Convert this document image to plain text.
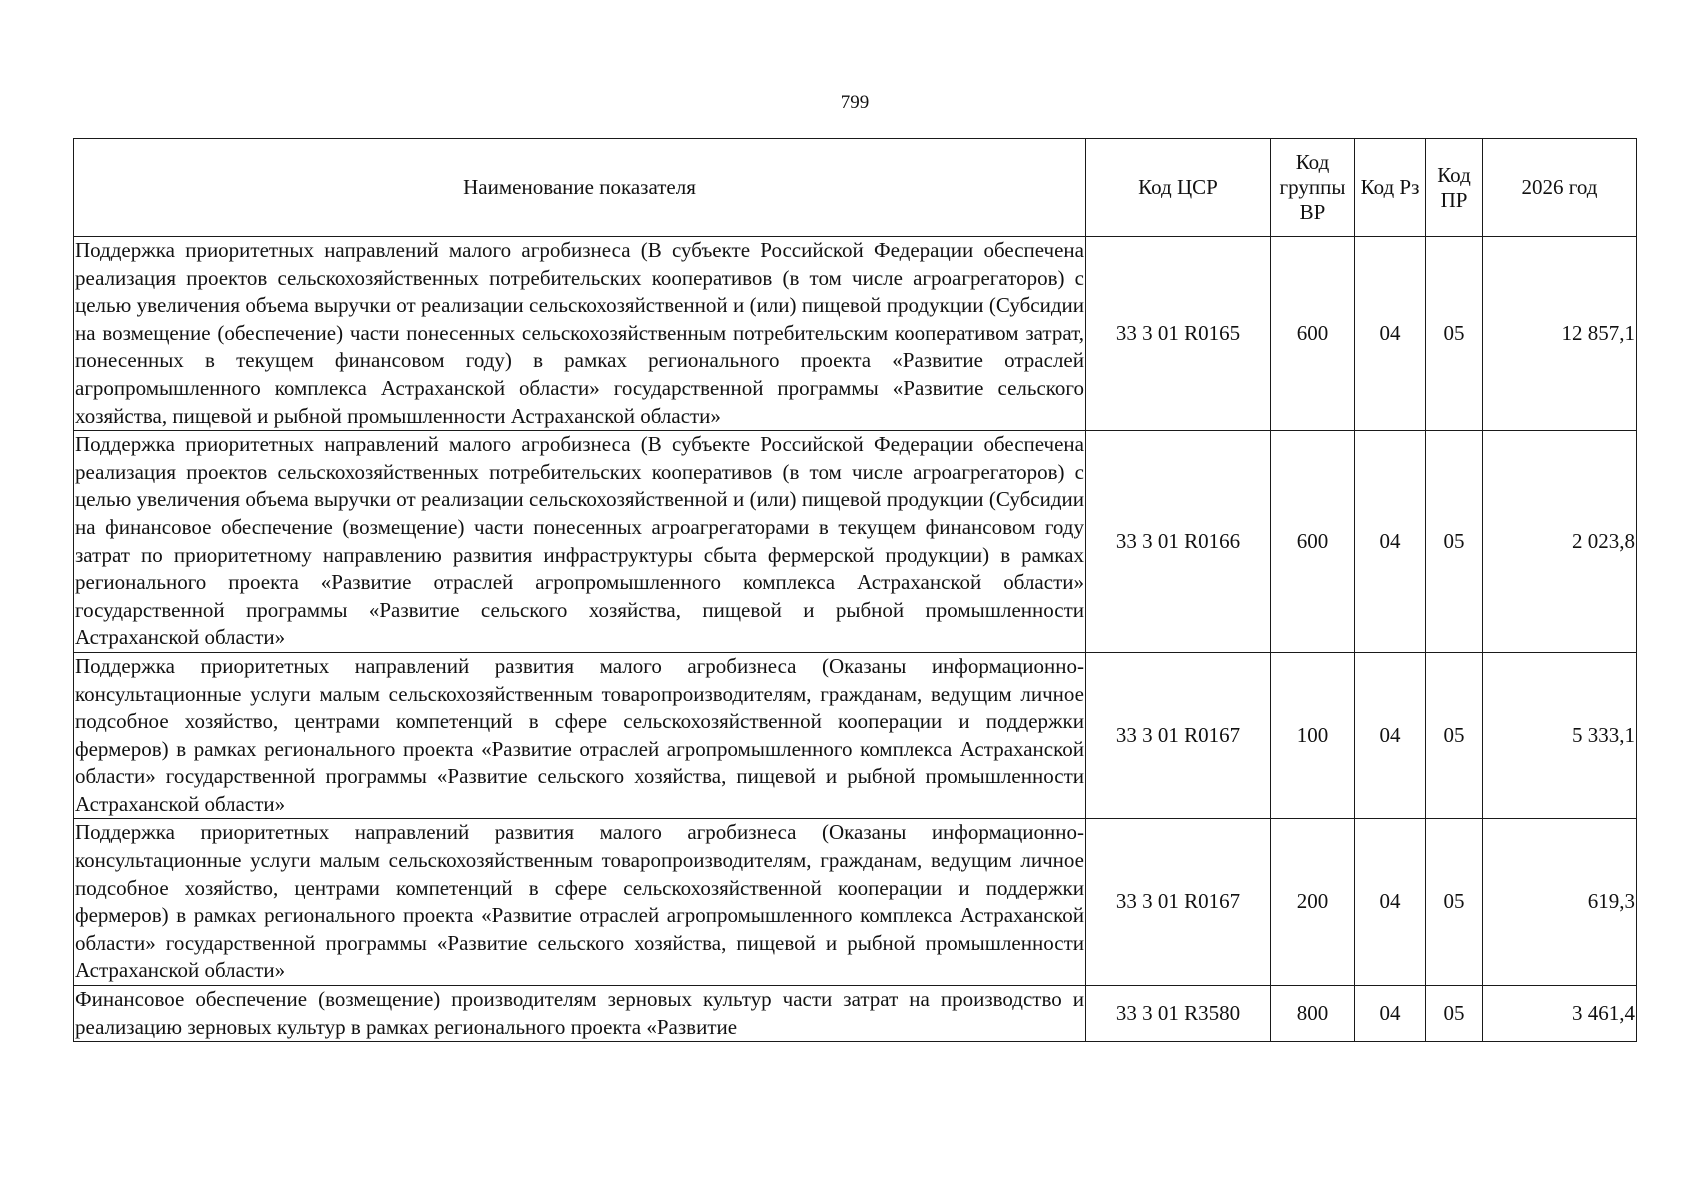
799
Наименование показателя	Код ЦСР	Код группы ВР	Код Рз	Код ПР	2026 год
Поддержка приоритетных направлений малого агробизнеса (В субъекте Российской Федерации обеспечена реализация проектов сельскохозяйственных потребительских кооперативов (в том числе агроагрегаторов) с целью увеличения объема выручки от реализации сельскохозяйственной и (или) пищевой продукции (Субсидии на возмещение (обеспечение) части понесенных сельскохозяйственным потребительским кооперативом затрат, понесенных в текущем финансовом году) в рамках регионального проекта «Развитие отраслей агропромышленного комплекса Астраханской области» государственной программы «Развитие сельского хозяйства, пищевой и рыбной промышленности Астраханской области»	33 3 01 R0165	600	04	05	12 857,1
Поддержка приоритетных направлений малого агробизнеса (В субъекте Российской Федерации обеспечена реализация проектов сельскохозяйственных потребительских кооперативов (в том числе агроагрегаторов) с целью увеличения объема выручки от реализации сельскохозяйственной и (или) пищевой продукции (Субсидии на финансовое обеспечение (возмещение) части понесенных агроагрегаторами в текущем финансовом году затрат по приоритетному направлению развития инфраструктуры сбыта фермерской продукции) в рамках регионального проекта «Развитие отраслей агропромышленного комплекса Астраханской области» государственной программы «Развитие сельского хозяйства, пищевой и рыбной промышленности Астраханской области»	33 3 01 R0166	600	04	05	2 023,8
Поддержка приоритетных направлений развития малого агробизнеса (Оказаны информационно-консультационные услуги малым сельскохозяйственным товаропроизводителям, гражданам, ведущим личное подсобное хозяйство, центрами компетенций в сфере сельскохозяйственной кооперации и поддержки фермеров) в рамках регионального проекта «Развитие отраслей агропромышленного комплекса Астраханской области» государственной программы «Развитие сельского хозяйства, пищевой и рыбной промышленности Астраханской области»	33 3 01 R0167	100	04	05	5 333,1
Поддержка приоритетных направлений развития малого агробизнеса (Оказаны информационно-консультационные услуги малым сельскохозяйственным товаропроизводителям, гражданам, ведущим личное подсобное хозяйство, центрами компетенций в сфере сельскохозяйственной кооперации и поддержки фермеров) в рамках регионального проекта «Развитие отраслей агропромышленного комплекса Астраханской области» государственной программы «Развитие сельского хозяйства, пищевой и рыбной промышленности Астраханской области»	33 3 01 R0167	200	04	05	619,3

Финансовое обеспечение (возмещение) производителям зерновых культур части затрат на производство и реализацию зерновых культур в рамках регионального проекта «Развитие	33 3 01 R3580	800	04	05	3 461,4
